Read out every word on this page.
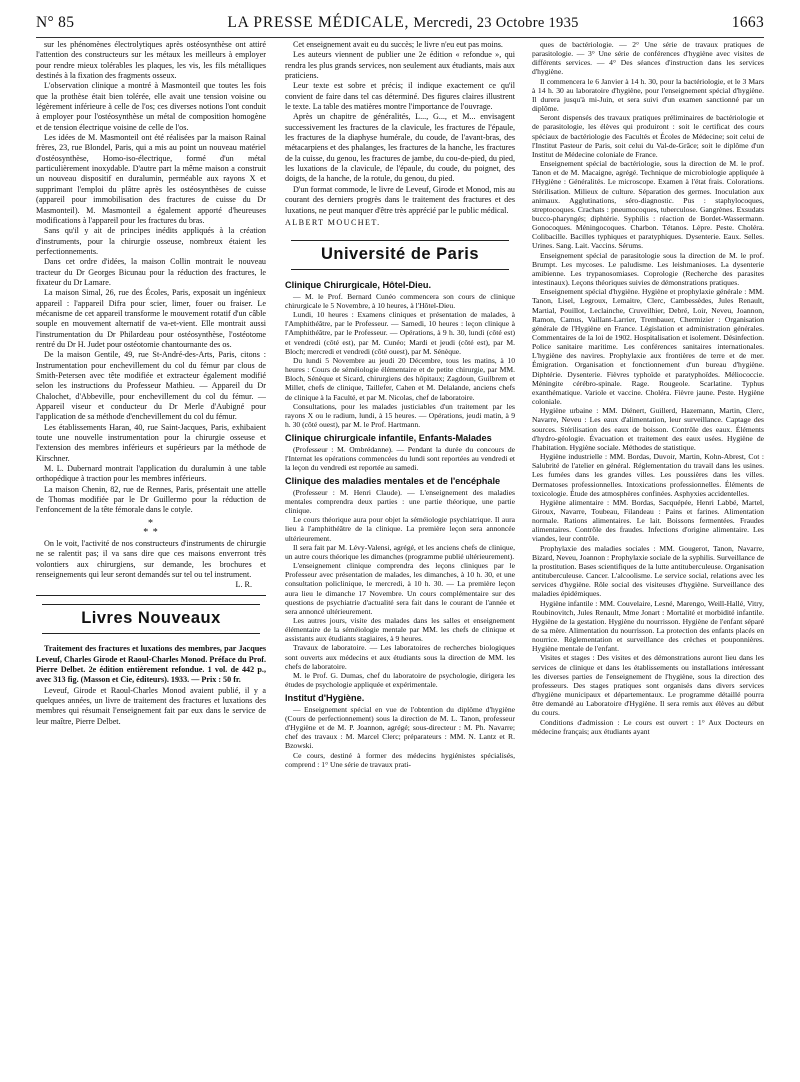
N° 85	LA PRESSE MÉDICALE, Mercredi, 23 Octobre 1935	1663

sur les phénomènes électrolytiques après ostéosynthèse ont attiré l'attention des constructeurs sur les métaux les meilleurs à employer pour rendre mieux tolérables les plaques, les vis, les fils métalliques destinés à la fixation des fragments osseux.

L'observation clinique a montré à Masmonteil que toutes les fois que la prothèse était bien tolérée, elle avait une tension voisine ou légèrement inférieure à celle de l'os; ces diverses notions l'ont conduit à employer pour l'ostéosynthèse un métal de composition homogène et de tension électrique voisine de celle de l'os.

Les idées de M. Masmonteil ont été réalisées par la maison Rainal frères, 23, rue Blondel, Paris, qui a mis au point un nouveau matériel d'ostéosynthèse, Homo-iso-électrique, formé d'un métal particulièrement inoxydable. D'autre part la même maison a construit un nouveau dispositif en duralumin, perméable aux rayons X et supprimant l'emploi du plâtre après les ostéosynthèses de cuisse (appareil pour immobilisation des fractures de cuisse du Dr Masmonteil). M. Masmonteil a également apporté d'heureuses modifications à l'appareil pour les fractures du bras.

Sans qu'il y ait de principes inédits appliqués à la création d'instruments, pour la chirurgie osseuse, nombreux étaient les perfectionnements.

Dans cet ordre d'idées, la maison Collin montrait le nouveau tracteur du Dr Georges Bicunau pour la réduction des fractures, le fixateur du Dr Lamare.

La maison Simal, 26, rue des Écoles, Paris, exposait un ingénieux appareil : l'appareil Difra pour scier, limer, fouer ou fraiser. Le mécanisme de cet appareil transforme le mouvement rotatif d'un câble souple en mouvement alternatif de va-et-vient. Elle montrait aussi l'instrumentation du Dr Philardeau pour ostéosynthèse, l'ostéotome rentré du Dr H. Judet pour ostéotomie chantournante des os.

De la maison Gentile, 49, rue St-André-des-Arts, Paris, citons : Instrumentation pour enchevillement du col du fémur par clous de Smith-Petersen avec tête modifiée et extracteur également modifié selon les instructions du Professeur Mathieu. — Appareil du Dr Chalochet, d'Abbeville, pour enchevillement du col du fémur. — Appareil viseur et conducteur du Dr Merle d'Aubigné pour l'application de sa méthode d'enchevillement du col du fémur.

Les établissements Haran, 40, rue Saint-Jacques, Paris, exhibaient toute une nouvelle instrumentation pour la chirurgie osseuse et l'extension des membres inférieurs et supérieurs par la méthode de Kirschner.

M. L. Dubernard montrait l'application du duralumin à une table orthopédique à traction pour les membres inférieurs.

La maison Chenin, 82, rue de Rennes, Paris, présentait une attelle de Thomas modifiée par le Dr Guillermo pour la réduction de l'enfoncement de la tête fémorale dans le cotyle.

*
* *

On le voit, l'activité de nos constructeurs d'instruments de chirurgie ne se ralentit pas; il va sans dire que ces maisons enverront très volontiers aux chirurgiens, sur demande, les brochures et renseignements qui leur seront demandés sur tel ou tel instrument.

L. R.
Livres Nouveaux

Traitement des fractures et luxations des membres, par Jacques Leveuf, Charles Girode et Raoul-Charles Monod. Préface du Prof. Pierre Delbet. 2e édition entièrement refondue. 1 vol. de 442 p., avec 313 fig. (Masson et Cie, éditeurs). 1933. — Prix : 50 fr.

Leveuf, Girode et Raoul-Charles Monod avaient publié, il y a quelques années, un livre de traitement des fractures et luxations des membres qui résumait l'enseignement fait par eux dans le service de leur maître, Pierre Delbet.

Cet enseignement avait eu du succès; le livre n'eu eut pas moins.

Les auteurs viennent de publier une 2e édition « refondue », qui rendra les plus grands services, non seulement aux étudiants, mais aux praticiens.

Leur texte est sobre et précis; il indique exactement ce qu'il convient de faire dans tel cas déterminé. Des figures claires illustrent le texte. La table des matières montre l'importance de l'ouvrage.

Après un chapitre de généralités, L..., G..., et M... envisagent successivement les fractures de la clavicule, les fractures de l'épaule, les fractures de la diaphyse humérale, du coude, de l'avant-bras, des métacarpiens et des phalanges, les fractures de la hanche, les fractures de la cuisse, du genou, les fractures de jambe, du cou-de-pied, du pied, les luxations de la clavicule, de l'épaule, du coude, du poignet, des doigts, de la hanche, de la rotule, du genou, du pied.

D'un format commode, le livre de Leveuf, Girode et Monod, mis au courant des derniers progrès dans le traitement des fractures et des luxations, ne peut manquer d'être très apprécié par le public médical.

ALBERT MOUCHET.

Université de Paris
Clinique Chirurgicale, Hôtel-Dieu.

— M. le Prof. Bernard Cunéo commencera son cours de clinique chirurgicale le 5 Novembre, à 10 heures, à l'Hôtel-Dieu.

Lundi, 10 heures : Examens cliniques et présentation de malades, à l'Amphithéâtre, par le Professeur. — Samedi, 10 heures : leçon clinique à l'Amphithéâtre, par le Professeur. — Opérations, à 9 h. 30, lundi (côté est) et vendredi (côté est), par M. Cunéo; Mardi et jeudi (côté est), par M. Bloch; mercredi et vendredi (côté ouest), par M. Sénèque.

Du lundi 5 Novembre au jeudi 20 Décembre, tous les matins, à 10 heures : Cours de séméiologie élémentaire et de petite chirurgie, par MM. Bloch, Sénèque et Sicard, chirurgiens des hôpitaux; Zagdoun, Guilbrem et Millet, chefs de clinique, Taillefer, Cahen et M. Delalande, anciens chefs de clinique à la Faculté, et par M. Nicolas, chef de laboratoire.

Consultations, pour les malades justiciables d'un traitement par les rayons X ou le radium, lundi, à 15 heures. — Opérations, jeudi matin, à 9 h. 30 (côté ouest), par M. le Prof. Hartmann.

Clinique chirurgicale infantile, Enfants-Malades

(Professeur : M. Ombrédanne). — Pendant la durée du concours de l'Internat les opérations commencées du lundi sont reportées au vendredi et la leçon du vendredi est reportée au samedi.

Clinique des maladies mentales et de l'encéphale

(Professeur : M. Henri Claude). — L'enseignement des maladies mentales comprendra deux parties : une partie théorique, une partie clinique.

Le cours théorique aura pour objet la séméiologie psychiatrique. Il aura lieu à l'amphithéâtre de la clinique. La première leçon sera annoncée ultérieurement.

Il sera fait par M. Lévy-Valensi, agrégé, et les anciens chefs de clinique, un autre cours théorique les dimanches (programme publié ultérieurement).

L'enseignement clinique comprendra des leçons cliniques par le Professeur avec présentation de malades, les dimanches, à 10 h. 30, et une consultation policlinique, le mercredi, à 10 h. 30. — La première leçon aura lieu le dimanche 17 Novembre. Un cours complémentaire sur des questions de psychiatrie d'actualité sera fait dans le courant de l'année et sera annoncé ultérieurement.

Les autres jours, visite des malades dans les salles et enseignement élémentaire de la séméiologie mentale par MM. les chefs de clinique et assistants aux étudiants stagiaires, à 9 heures.

Travaux de laboratoire. — Les laboratoires de recherches biologiques sont ouverts aux médecins et aux étudiants sous la direction de MM. les chefs de laboratoire.

M. le Prof. G. Dumas, chef du laboratoire de psychologie, dirigera les études de psychologie appliquée et expérimentale.

Institut d'Hygiène.

— Enseignement spécial en vue de l'obtention du diplôme d'hygiène (Cours de perfectionnement) sous la direction de M. L. Tanon, professeur d'Hygiène et de M. P. Joannon, agrégé; sous-directeur : M. Ph. Navarre; chef des travaux : M. Marcel Clerc; préparateurs : MM. N. Lantz et R. Bzowski.

Ce cours, destiné à former des médecins hygiénistes spécialisés, comprend : 1° Une série de travaux prati-

ques de bactériologie. — 2° Une série de travaux pratiques de parasitologie. — 3° Une série de conférences d'hygiène avec visites de différents services. — 4° Des séances d'instruction dans les services d'hygiène.

Il commencera le 6 Janvier à 14 h. 30, pour la bactériologie, et le 3 Mars à 14 h. 30 au laboratoire d'hygiène, pour l'enseignement spécial d'hygiène. Il durera jusqu'à mi-Juin, et sera suivi d'un examen sanctionné par un diplôme.

Seront dispensés des travaux pratiques préliminaires de bactériologie et de parasitologie, les élèves qui produiront : soit le certificat des cours spéciaux de bactériologie des Facultés et Écoles de Médecine; soit celui de l'Institut Pasteur de Paris, soit celui du Val-de-Grâce; soit le diplôme d'un Institut de Médecine coloniale de France.

Enseignement spécial de bactériologie, sous la direction de M. le prof. Tanon et de M. Macaigne, agrégé. Technique de microbiologie appliquée à l'Hygiène : Généralités. Le microscope. Examen à l'état frais. Colorations. Stérilisation. Milieux de culture. Séparation des germes. Inoculation aux animaux. Agglutinations, séro-diagnostic. Pus : staphylocoques, streptocoques. Crachats : pneumocoques, tuberculose. Gangrènes. Exsudats bucco-pharyngés; diphtérie. Syphilis : réaction de Bordet-Wassermann. Gonocoques. Méningocoques. Charbon. Tétanos. Lèpre. Peste. Choléra. Colibacille. Bacilles typhiques et paratyphiques. Dysenterie. Eaux. Selles. Urines. Sang. Lait. Vaccins. Sérums.

Enseignement spécial de parasitologie sous la direction de M. le prof. Brumpt. Les mycoses. Le paludisme. Les leishmanioses. La dysenterie amibienne. Les trypanosomiases. Coprologie (Recherche des parasites intestinaux). Leçons théoriques suivies de démonstrations pratiques.

Enseignement spécial d'hygiène. Hygiène et prophylaxie générale : MM. Tanon, Lisel, Legroux, Lemaitre, Clerc, Cambessèdes, Jules Renault, Martial, Pouillot, Leclainche, Cruveilhier, Debré, Loir, Neveu, Joannon, Ramon, Camus, Vaillant-Larrier, Trembauer, Chermizier : Organisation générale de l'Hygiène en France. Législation et administration générales. Commentaires de la loi de 1902. Hospitalisation et isolement. Désinfection. Police sanitaire maritime. Les conférences sanitaires internationales. L'hygiène des navires. Prophylaxie aux frontières de terre et de mer. Émigration. Organisation et fonctionnement d'un bureau d'hygiène. Diphtérie. Dysenterie. Fièvres typhoïde et paratyphoïdes. Méliococcie. Méningite cérébro-spinale. Rage. Rougeole. Scarlatine. Typhus exanthématique. Variole et vaccine. Choléra. Fièvre jaune. Peste. Hygiène coloniale.

Hygiène urbaine : MM. Diénert, Guillerd, Hazemann, Martin, Clerc, Navarre, Neveu : Les eaux d'alimentation, leur surveillance. Captage des sources. Stérilisation des eaux de boisson. Contrôle des eaux. Éléments d'hydro-géologie. Évacuation et traitement des eaux usées. Hygiène de l'habitation. Hygiène sociale. Méthodes de statistique.

Hygiène industrielle : MM. Bordas, Duvoir, Martin, Kohn-Abrest, Cot : Salubrité de l'atelier en général. Réglementation du travail dans les usines. Les fumées dans les grandes villes. Les poussières dans les villes. Dermatoses professionnelles. Intoxications professionnelles. Éléments de toxicologie. Étude des atmosphères confinées. Asphyxies accidentelles.

Hygiène alimentaire : MM. Bordas, Sacquépée, Henri Labbé, Martel, Giroux, Navarre, Toubeau, Filandeau : Pains et farines. Alimentation normale. Rations alimentaires. Le lait. Boissons fermentées. Fraudes alimentaires. Contrôle des fraudes. Infections d'origine alimentaire. Les viandes, leur contrôle.

Prophylaxie des maladies sociales : MM. Gougerot, Tanon, Navarre, Bizard, Neveu, Joannon : Prophylaxie sociale de la syphilis. Surveillance de la prostitution. Bases scientifiques de la lutte antituberculeuse. Organisation antituberculeuse. Cancer. L'alcoolisme. Le service social, relations avec les services d'hygiène. Rôle social des visiteuses d'hygiène. Surveillance des maladies épidémiques.

Hygiène infantile : MM. Couvelaire, Lesné, Marengo, Weill-Hallé, Vitry, Roubinovitch, Jules Renault, Mme Jonart : Mortalité et morbidité infantile. Hygiène de la gestation. Hygiène du nourrisson. Hygiène de l'enfant séparé de sa mère. Alimentation du nourrisson. La protection des enfants placés en nourrice. Réglementation et surveillance des crèches et pouponnières. Hygiène mentale de l'enfant.

Visites et stages : Des visites et des démonstrations auront lieu dans les services de clinique et dans les établissements ou installations intéressant les diverses parties de l'enseignement de l'hygiène, sous la direction des professeurs. Des stages pratiques sont organisés dans divers services d'hygiène municipaux et départementaux. Le programme détaillé pourra être demandé au Laboratoire d'Hygiène. Il sera remis aux élèves au début du cours.

Conditions d'admission : Le cours est ouvert : 1° Aux Docteurs en médecine français; aux étudiants ayant
